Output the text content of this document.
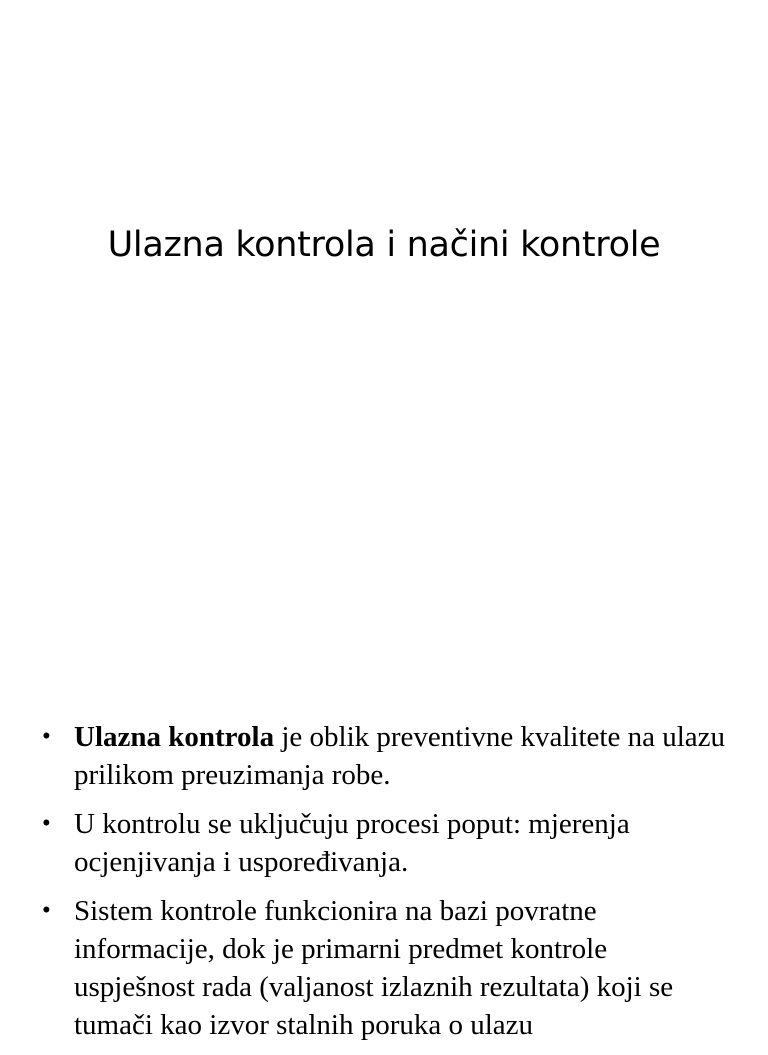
Ulazna kontrola i načini kontrole
• Ulazna kontrola je oblik preventivne kvalitete na ulazu prilikom preuzimanja robe.
• U kontrolu se uključuju procesi poput: mjerenja ocjenjivanja i uspoređivanja.
• Sistem kontrole funkcionira na bazi povratne informacije, dok je primarni predmet kontrole uspješnost rada (valjanost izlaznih rezultata) koji se tumači kao izvor stalnih poruka o ulazu
